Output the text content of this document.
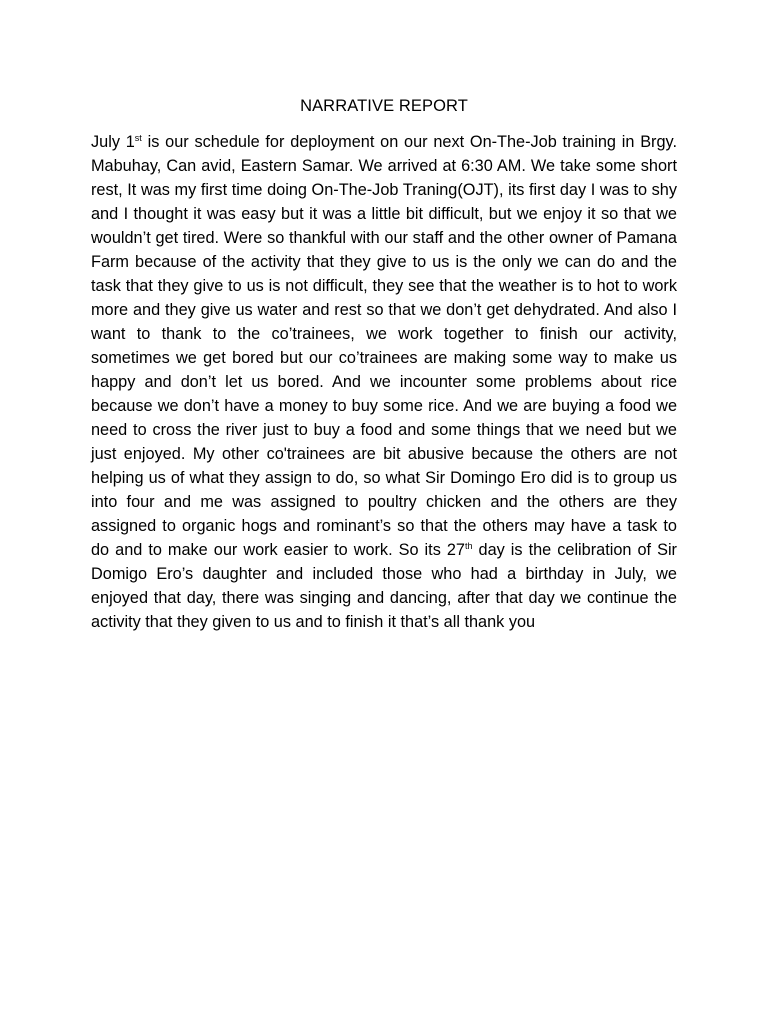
NARRATIVE REPORT

July 1st is our schedule for deployment on our next On-The-Job training in Brgy. Mabuhay, Can avid, Eastern Samar. We arrived at 6:30 AM. We take some short rest, It was my first time doing On-The-Job Traning(OJT), its first day I was to shy and I thought it was easy but it was a little bit difficult, but we enjoy it so that we wouldn’t get tired. Were so thankful with our staff and the other owner of Pamana Farm because of the activity that they give to us is the only we can do and the task that they give to us is not difficult, they see that the weather is to hot to work more and they give us water and rest so that we don’t get dehydrated. And also I want to thank to the co’trainees, we work together to finish our activity, sometimes we get bored but our co’trainees are making some way to make us happy and don’t let us bored. And we incounter some problems about rice because we don’t have a money to buy some rice. And we are buying a food we need to cross the river just to buy a food and some things that we need but we just enjoyed. My other co'trainees are bit abusive because the others are not helping us of what they assign to do, so what Sir Domingo Ero did is to group us into four and me was assigned to poultry chicken and the others are they assigned to organic hogs and rominant’s so that the others may have a task to do and to make our work easier to work. So its 27th day is the celibration of Sir Domigo Ero’s daughter and included those who had a birthday in July, we enjoyed that day, there was singing and dancing, after that day we continue the activity that they given to us and to finish it that’s all thank you
